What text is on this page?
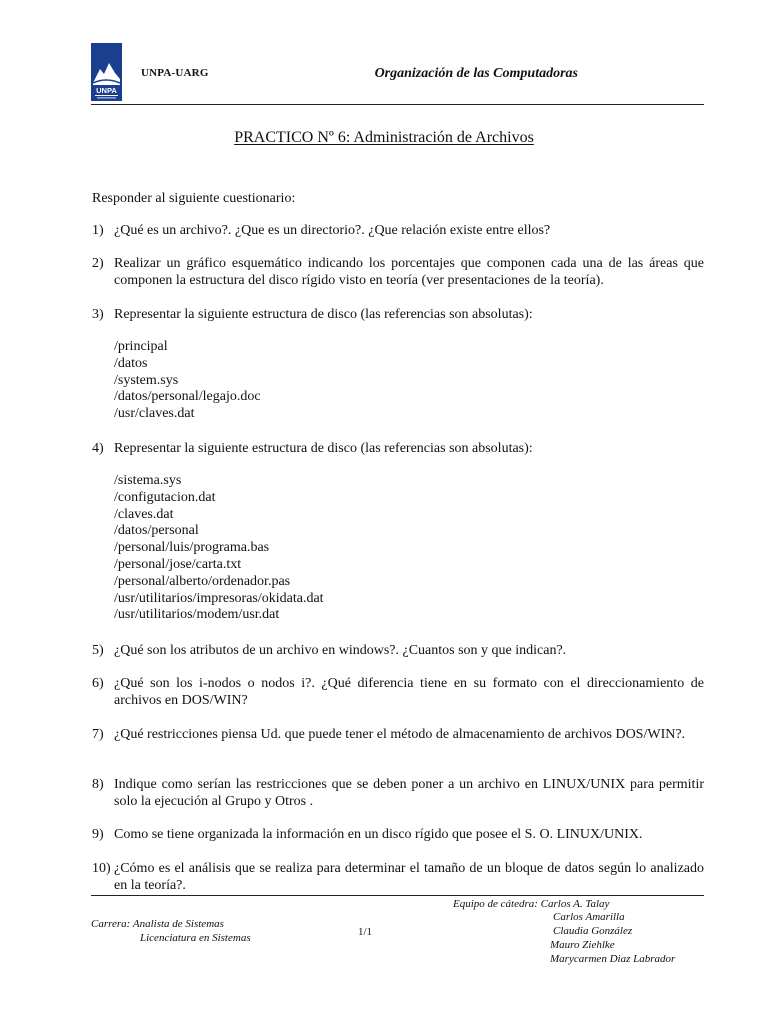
UNPA
UNPA-UARG	Organización de las Computadoras
PRACTICO Nº 6: Administración de Archivos
Responder al siguiente cuestionario:
1) ¿Qué es un archivo?. ¿Que es un directorio?. ¿Que relación existe entre ellos?
2) Realizar un gráfico esquemático indicando los porcentajes que componen cada una de las áreas que componen la estructura del disco rígido visto en teoría (ver presentaciones de la teoría).
3) Representar la siguiente estructura de disco (las referencias son absolutas):
/principal
/datos
/system.sys
/datos/personal/legajo.doc
/usr/claves.dat
4) Representar la siguiente estructura de disco (las referencias son absolutas):
/sistema.sys
/configutacion.dat
/claves.dat
/datos/personal
/personal/luis/programa.bas
/personal/jose/carta.txt
/personal/alberto/ordenador.pas
/usr/utilitarios/impresoras/okidata.dat
/usr/utilitarios/modem/usr.dat
5) ¿Qué son los atributos de un archivo en windows?. ¿Cuantos son y que indican?.
6) ¿Qué son los i-nodos o nodos i?. ¿Qué diferencia tiene en su formato con el direccionamiento de archivos en DOS/WIN?
7) ¿Qué restricciones piensa Ud. que puede tener el método de almacenamiento de archivos DOS/WIN?.
8) Indique como serían las restricciones que se deben poner a un archivo en LINUX/UNIX para permitir solo la ejecución al Grupo y Otros .
9) Como se tiene organizada la información en un disco rígido que posee el S. O. LINUX/UNIX.
10) ¿Cómo es el análisis que se realiza para determinar el tamaño de un bloque de datos según lo analizado en la teoría?.
Equipo de cátedra: Carlos A. Talay
Carlos Amarilla
Carrera: Analista de Sistemas
Claudia González
1/1
Licenciatura en Sistemas
Mauro Ziehlke
Marycarmen Diaz Labrador
